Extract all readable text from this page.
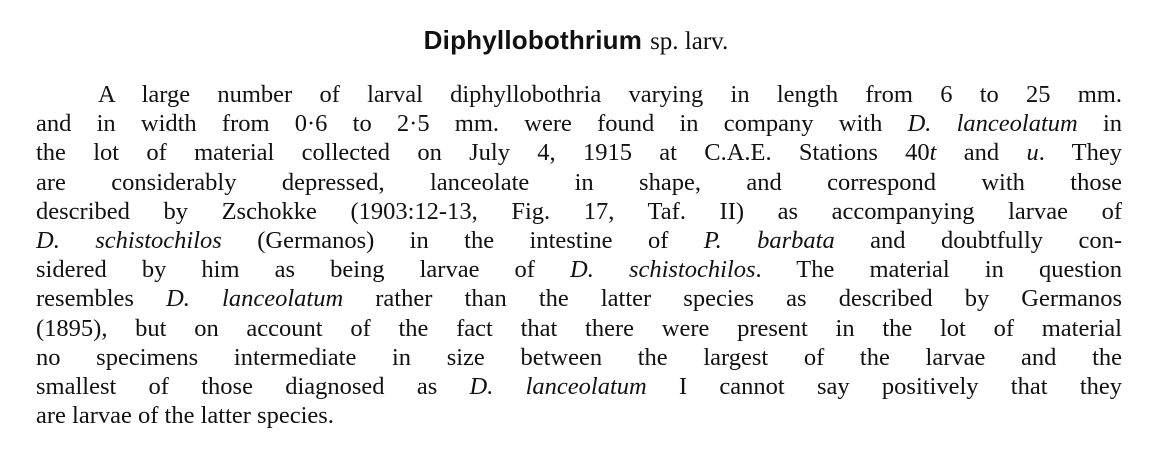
Diphyllobothrium sp. larv.
A large number of larval diphyllobothria varying in length from 6 to 25 mm.
and in width from 0·6 to 2·5 mm. were found in company with D. lanceolatum in
the lot of material collected on July 4, 1915 at C.A.E. Stations 40t and u. They
are considerably depressed, lanceolate in shape, and correspond with those
described by Zschokke (1903:12-13, Fig. 17, Taf. II) as accompanying larvae of
D. schistochilos (Germanos) in the intestine of P. barbata and doubtfully con-
sidered by him as being larvae of D. schistochilos. The material in question
resembles D. lanceolatum rather than the latter species as described by Germanos
(1895), but on account of the fact that there were present in the lot of material
no specimens intermediate in size between the largest of the larvae and the
smallest of those diagnosed as D. lanceolatum I cannot say positively that they
are larvae of the latter species.
